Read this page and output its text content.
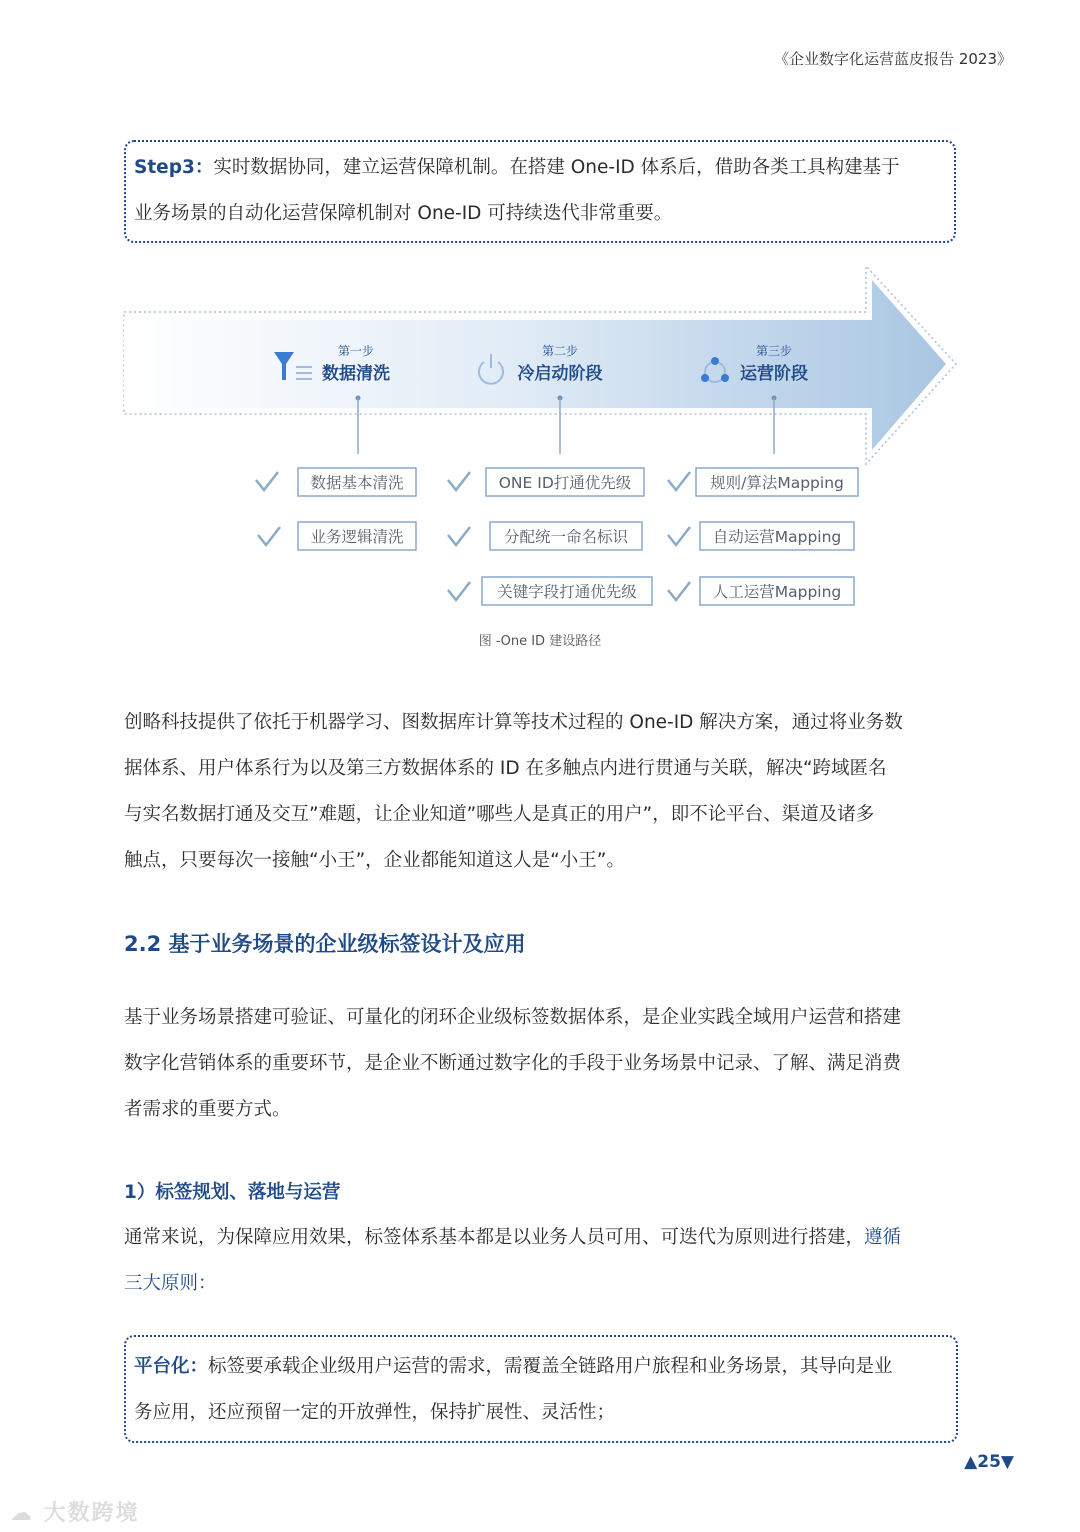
《企业数字化运营蓝皮报告 2023》
Step3：实时数据协同，建立运营保障机制。在搭建 One-ID 体系后，借助各类工具构建基于
业务场景的自动化运营保障机制对 One-ID 可持续迭代非常重要。
第一步
数据清洗
第二步
冷启动阶段
第三步
运营阶段
数据基本清洗
业务逻辑清洗
ONE ID打通优先级
分配统一命名标识
关键字段打通优先级
规则/算法Mapping
自动运营Mapping
人工运营Mapping
图 -One ID 建设路径
创略科技提供了依托于机器学习、图数据库计算等技术过程的 One-ID 解决方案，通过将业务数
据体系、用户体系行为以及第三方数据体系的 ID 在多触点内进行贯通与关联，解决“跨域匿名
与实名数据打通及交互”难题，让企业知道”哪些人是真正的用户”，即不论平台、渠道及诸多
触点，只要每次一接触“小王”，企业都能知道这人是“小王”。
2.2 基于业务场景的企业级标签设计及应用
基于业务场景搭建可验证、可量化的闭环企业级标签数据体系，是企业实践全域用户运营和搭建
数字化营销体系的重要环节，是企业不断通过数字化的手段于业务场景中记录、了解、满足消费
者需求的重要方式。
1）标签规划、落地与运营
通常来说，为保障应用效果，标签体系基本都是以业务人员可用、可迭代为原则进行搭建，遵循
三大原则：
平台化：标签要承载企业级用户运营的需求，需覆盖全链路用户旅程和业务场景，其导向是业
务应用，还应预留一定的开放弹性，保持扩展性、灵活性；
▲25▼
☁ 大数跨境
